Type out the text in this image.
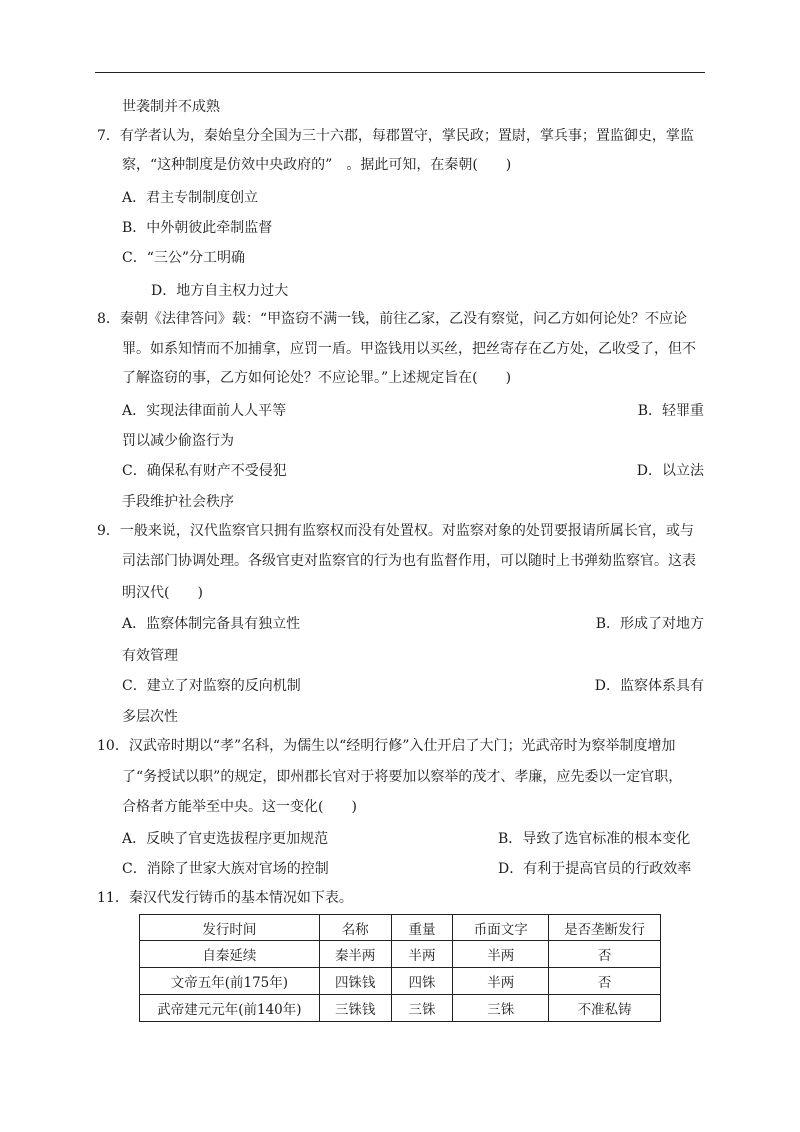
世袭制并不成熟
7．有学者认为，秦始皇分全国为三十六郡，每郡置守，掌民政；置尉，掌兵事；置监御史，掌监
察，“这种制度是仿效中央政府的”　。据此可知，在秦朝(　　)
A．君主专制制度创立
B．中外朝彼此牵制监督
C．“三公”分工明确
D．地方自主权力过大
8．秦朝《法律答问》载：“甲盗窃不满一钱，前往乙家，乙没有察觉，问乙方如何论处？不应论
罪。如系知情而不加捕拿，应罚一盾。甲盗钱用以买丝，把丝寄存在乙方处，乙收受了，但不
了解盗窃的事，乙方如何论处？不应论罪。”上述规定旨在(　　)
A．实现法律面前人人平等	B．轻罪重
罚以减少偷盗行为
C．确保私有财产不受侵犯	D．以立法
手段维护社会秩序
9．一般来说，汉代监察官只拥有监察权而没有处置权。对监察对象的处罚要报请所属长官，或与
司法部门协调处理。各级官吏对监察官的行为也有监督作用，可以随时上书弹劾监察官。这表
明汉代(　　)
A．监察体制完备具有独立性	B．形成了对地方
有效管理
C．建立了对监察的反向机制	D．监察体系具有
多层次性
10．汉武帝时期以“孝”名科，为儒生以“经明行修”入仕开启了大门；光武帝时为察举制度增加
了“务授试以职”的规定，即州郡长官对于将要加以察举的茂才、孝廉，应先委以一定官职，
合格者方能举至中央。这一变化(　　)
A．反映了官吏选拔程序更加规范	B．导致了选官标准的根本变化
C．消除了世家大族对官场的控制	D．有利于提高官员的行政效率
11．秦汉代发行铸币的基本情况如下表。
发行时间	名称	重量	币面文字	是否垄断发行
自秦延续	秦半两	半两	半两	否
文帝五年(前175年)	四铢钱	四铢	半两	否
武帝建元元年(前140年)	三铢钱	三铢	三铢	不准私铸
